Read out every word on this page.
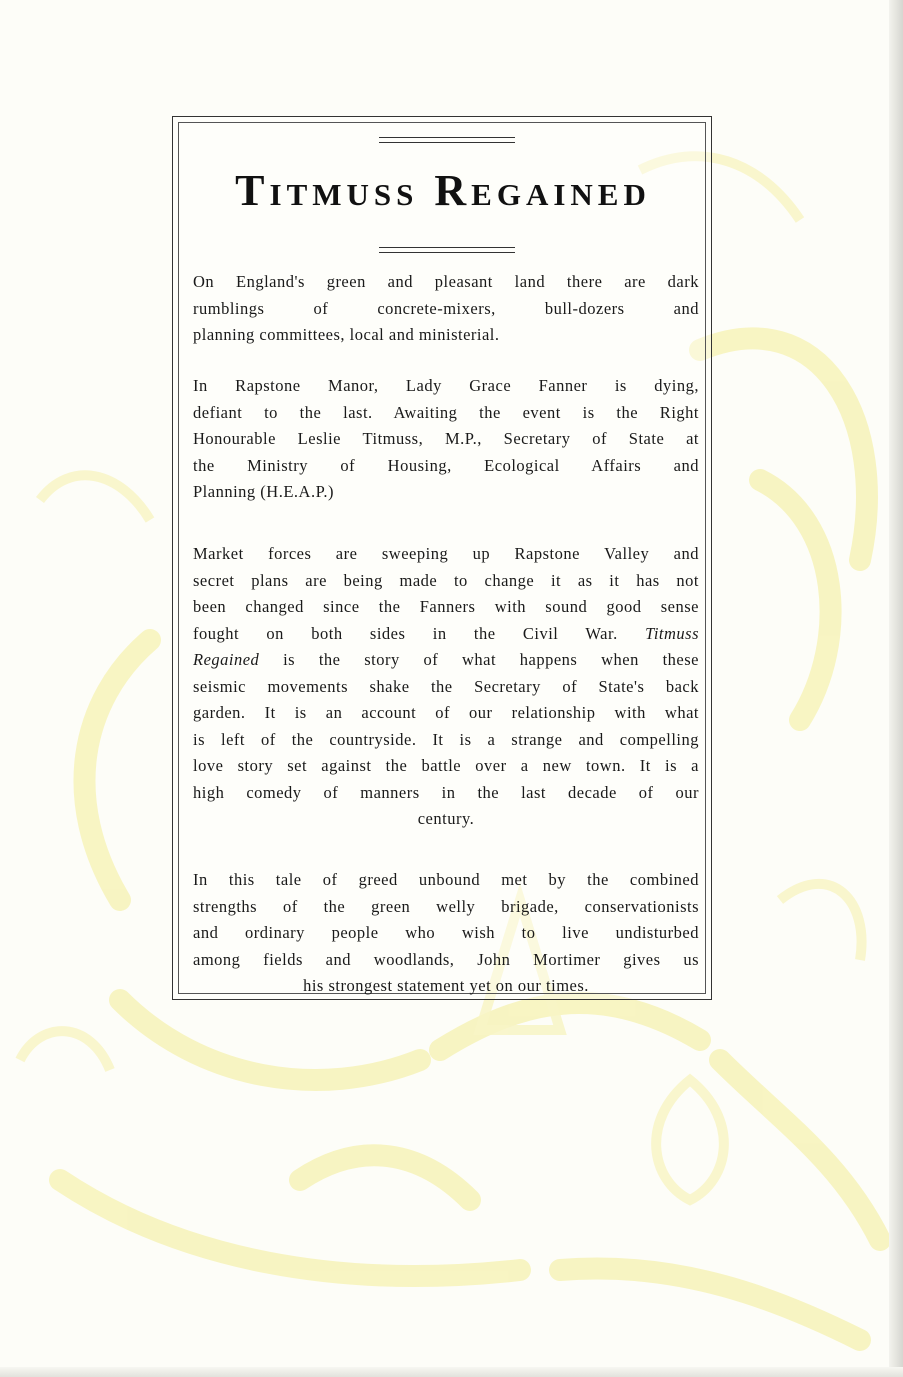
Titmuss Regained
On England's green and pleasant land there are dark
rumblings of concrete-mixers, bull-dozers and
planning committees, local and ministerial.
In Rapstone Manor, Lady Grace Fanner is dying,
defiant to the last. Awaiting the event is the Right
Honourable Leslie Titmuss, M.P., Secretary of State at
the Ministry of Housing, Ecological Affairs and
Planning (H.E.A.P.)
Market forces are sweeping up Rapstone Valley and
secret plans are being made to change it as it has not
been changed since the Fanners with sound good sense
fought on both sides in the Civil War. Titmuss
Regained is the story of what happens when these
seismic movements shake the Secretary of State's back
garden. It is an account of our relationship with what
is left of the countryside. It is a strange and compelling
love story set against the battle over a new town. It is a
high comedy of manners in the last decade of our
century.
In this tale of greed unbound met by the combined
strengths of the green welly brigade, conservationists
and ordinary people who wish to live undisturbed
among fields and woodlands, John Mortimer gives us
his strongest statement yet on our times.
